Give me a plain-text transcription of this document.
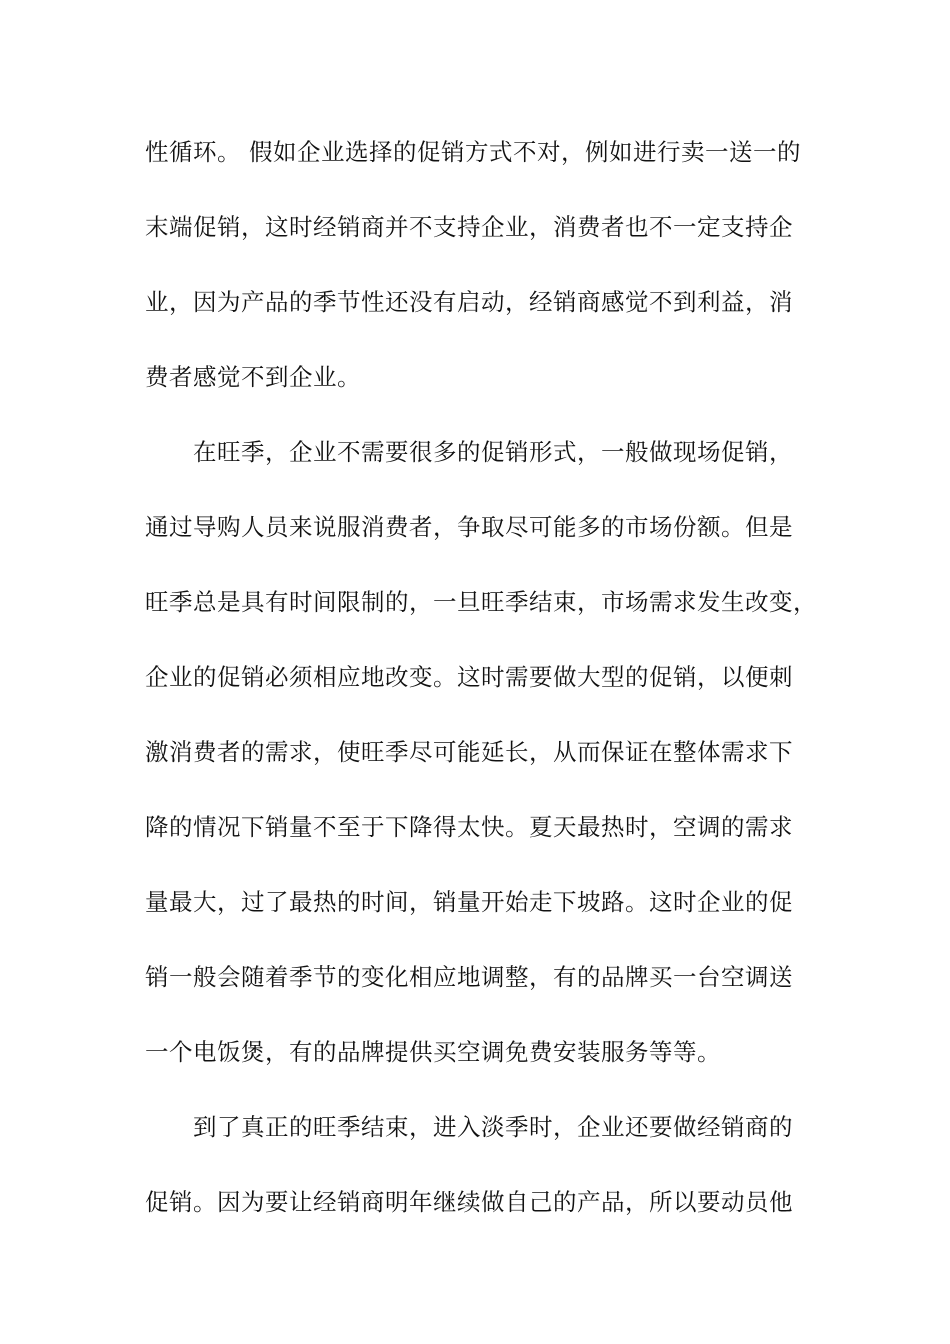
性循环。 假如企业选择的促销方式不对，例如进行卖一送一的
末端促销，这时经销商并不支持企业，消费者也不一定支持企
业，因为产品的季节性还没有启动，经销商感觉不到利益，消
费者感觉不到企业。
在旺季，企业不需要很多的促销形式，一般做现场促销，
通过导购人员来说服消费者，争取尽可能多的市场份额。但是
旺季总是具有时间限制的，一旦旺季结束，市场需求发生改变，
企业的促销必须相应地改变。这时需要做大型的促销，以便刺
激消费者的需求，使旺季尽可能延长，从而保证在整体需求下
降的情况下销量不至于下降得太快。夏天最热时，空调的需求
量最大，过了最热的时间，销量开始走下坡路。这时企业的促
销一般会随着季节的变化相应地调整，有的品牌买一台空调送
一个电饭煲，有的品牌提供买空调免费安装服务等等。
到了真正的旺季结束，进入淡季时，企业还要做经销商的
促销。因为要让经销商明年继续做自己的产品，所以要动员他
